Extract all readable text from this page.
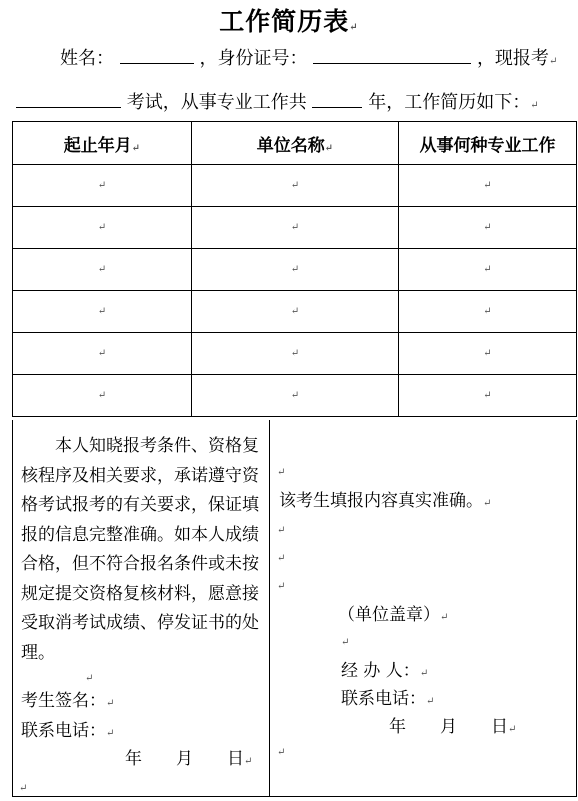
工作简历表↵
姓名：	，身份证号：	，现报考↵
考试，从事专业工作共	年，工作简历如下：↵
起止年月↵	单位名称↵	从事何种专业工作
↵	↵	↵
↵	↵	↵
↵	↵	↵
↵	↵	↵
↵	↵	↵
↵	↵	↵
本人知晓报考条件、资格复核程序及相关要求，承诺遵守资格考试报考的有关要求，保证填报的信息完整准确。如本人成绩合格，但不符合报名条件或未按规定提交资格复核材料，愿意接受取消考试成绩、停发证书的处理。
↵
考生签名：↵
联系电话：↵
年　　月　　日↵
↵
↵
该考生填报内容真实准确。↵
↵
↵
↵
（单位盖章）↵
↵
经 办 人：↵
联系电话：↵
年　　月　　日↵
↵
